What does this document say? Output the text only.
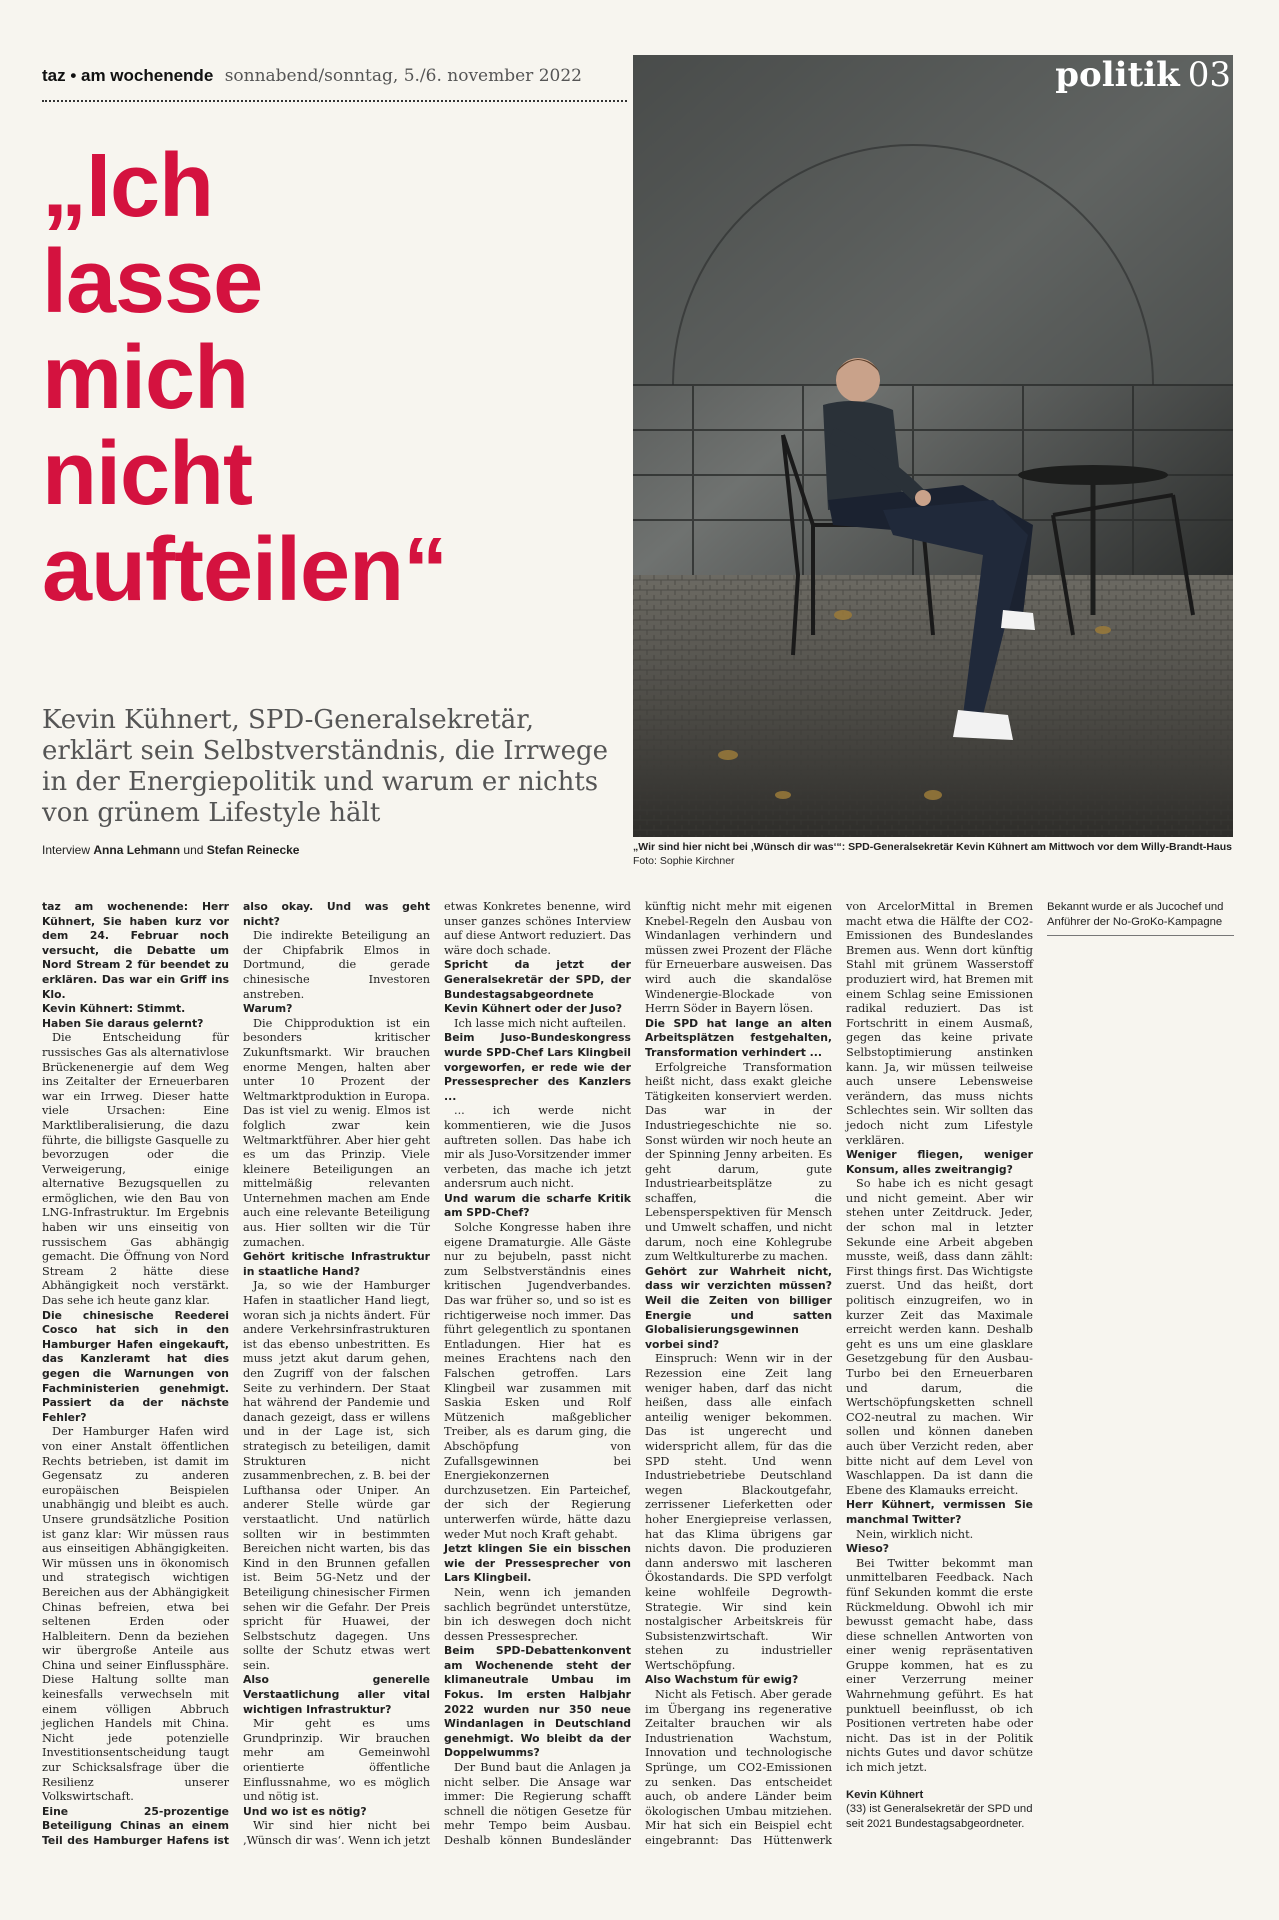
taz • am wochenende sonnabend/sonntag, 5./6. november 2022
„Ich
lasse
mich
nicht
aufteilen“
Kevin Kühnert, SPD-Generalsekretär, erklärt sein Selbstverständnis, die Irrwege in der Energiepolitik und warum er nichts von grünem Lifestyle hält
Interview Anna Lehmann und Stefan Reinecke
politik 03
„Wir sind hier nicht bei ‚Wünsch dir was‘“: SPD-Generalsekretär Kevin Kühnert am Mittwoch vor dem Willy-Brandt-Haus Foto: Sophie Kirchner

taz am wochenende: Herr Kühnert, Sie haben kurz vor dem 24. Februar noch versucht, die Debatte um Nord Stream 2 für beendet zu erklären. Das war ein Griff ins Klo.

Kevin Kühnert: Stimmt.

Haben Sie daraus gelernt?

Die Entscheidung für russisches Gas als alternativlose Brückenenergie auf dem Weg ins Zeitalter der Erneuerbaren war ein Irrweg. Dieser hatte viele Ursachen: Eine Marktliberalisierung, die dazu führte, die billigste Gasquelle zu bevorzugen oder die Verweigerung, einige alternative Bezugsquellen zu ermöglichen, wie den Bau von LNG-Infrastruktur. Im Ergebnis haben wir uns einseitig von russischem Gas abhängig gemacht. Die Öffnung von Nord Stream 2 hätte diese Abhängigkeit noch verstärkt. Das sehe ich heute ganz klar.

Die chinesische Reederei Cosco hat sich in den Hamburger Hafen eingekauft, das Kanzleramt hat dies gegen die Warnungen von Fachministerien genehmigt. Passiert da der nächste Fehler?

Der Hamburger Hafen wird von einer Anstalt öffentlichen Rechts betrieben, ist damit im Gegensatz zu anderen europäischen Beispielen unabhängig und bleibt es auch. Unsere grundsätzliche Position ist ganz klar: Wir müssen raus aus einseitigen Abhängigkeiten. Wir müssen uns in ökonomisch und strategisch wichtigen Bereichen aus der Abhängigkeit Chinas befreien, etwa bei seltenen Erden oder Halbleitern. Denn da beziehen wir übergroße Anteile aus China und seiner Einflussphäre. Diese Haltung sollte man keinesfalls verwechseln mit einem völligen Abbruch jeglichen Handels mit China. Nicht jede potenzielle Investitionsentscheidung taugt zur Schicksalsfrage über die Resilienz unserer Volkswirtschaft.

Eine 25-prozentige Beteiligung Chinas an einem Teil des Hamburger Hafens ist also okay. Und was geht nicht?

Die indirekte Beteiligung an der Chipfabrik Elmos in Dortmund, die gerade chinesische Investoren anstreben.

Warum?

Die Chipproduktion ist ein besonders kritischer Zukunftsmarkt. Wir brauchen enorme Mengen, halten aber unter 10 Prozent der Weltmarktproduktion in Europa. Das ist viel zu wenig. Elmos ist folglich zwar kein Weltmarktführer. Aber hier geht es um das Prinzip. Viele kleinere Beteiligungen an mittelmäßig relevanten Unternehmen machen am Ende auch eine relevante Beteiligung aus. Hier sollten wir die Tür zumachen.

Gehört kritische Infrastruktur in staatliche Hand?

Ja, so wie der Hamburger Hafen in staatlicher Hand liegt, woran sich ja nichts ändert. Für andere Verkehrsinfrastrukturen ist das ebenso unbestritten. Es muss jetzt akut darum gehen, den Zugriff von der falschen Seite zu verhindern. Der Staat hat während der Pandemie und danach gezeigt, dass er willens und in der Lage ist, sich strategisch zu beteiligen, damit Strukturen nicht zusammenbrechen, z. B. bei der Lufthansa oder Uniper. An anderer Stelle würde gar verstaatlicht. Und natürlich sollten wir in bestimmten Bereichen nicht warten, bis das Kind in den Brunnen gefallen ist. Beim 5G-Netz und der Beteiligung chinesischer Firmen sehen wir die Gefahr. Der Preis spricht für Huawei, der Selbstschutz dagegen. Uns sollte der Schutz etwas wert sein.

Also generelle Verstaatlichung aller vital wichtigen Infrastruktur?

Mir geht es ums Grundprinzip. Wir brauchen mehr am Gemeinwohl orientierte öffentliche Einflussnahme, wo es möglich und nötig ist.

Und wo ist es nötig?

Wir sind hier nicht bei ‚Wünsch dir was‘. Wenn ich jetzt etwas Konkretes benenne, wird unser ganzes schönes Interview auf diese Antwort reduziert. Das wäre doch schade.

Spricht da jetzt der Generalsekretär der SPD, der Bundestagsabgeordnete Kevin Kühnert oder der Juso?

Ich lasse mich nicht aufteilen.

Beim Juso-Bundeskongress wurde SPD-Chef Lars Klingbeil vorgeworfen, er rede wie der Pressesprecher des Kanzlers ...

... ich werde nicht kommentieren, wie die Jusos auftreten sollen. Das habe ich mir als Juso-Vorsitzender immer verbeten, das mache ich jetzt andersrum auch nicht.

Und warum die scharfe Kritik am SPD-Chef?

Solche Kongresse haben ihre eigene Dramaturgie. Alle Gäste nur zu bejubeln, passt nicht zum Selbstverständnis eines kritischen Jugendverbandes. Das war früher so, und so ist es richtigerweise noch immer. Das führt gelegentlich zu spontanen Entladungen. Hier hat es meines Erachtens nach den Falschen getroffen. Lars Klingbeil war zusammen mit Saskia Esken und Rolf Mützenich maßgeblicher Treiber, als es darum ging, die Abschöpfung von Zufallsgewinnen bei Energiekonzernen durchzusetzen. Ein Parteichef, der sich der Regierung unterwerfen würde, hätte dazu weder Mut noch Kraft gehabt.

Jetzt klingen Sie ein bisschen wie der Pressesprecher von Lars Klingbeil.

Nein, wenn ich jemanden sachlich begründet unterstütze, bin ich deswegen doch nicht dessen Pressesprecher.

Beim SPD-Debattenkonvent am Wochenende steht der klimaneutrale Umbau im Fokus. Im ersten Halbjahr 2022 wurden nur 350 neue Windanlagen in Deutschland genehmigt. Wo bleibt da der Doppelwumms?

Der Bund baut die Anlagen ja nicht selber. Die Ansage war immer: Die Regierung schafft schnell die nötigen Gesetze für mehr Tempo beim Ausbau. Deshalb können Bundesländer künftig nicht mehr mit eigenen Knebel-Regeln den Ausbau von Windanlagen verhindern und müssen zwei Prozent der Fläche für Erneuerbare ausweisen. Das wird auch die skandalöse Windenergie-Blockade von Herrn Söder in Bayern lösen.

Die SPD hat lange an alten Arbeitsplätzen festgehalten, Transformation verhindert ...

Erfolgreiche Transformation heißt nicht, dass exakt gleiche Tätigkeiten konserviert werden. Das war in der Industriegeschichte nie so. Sonst würden wir noch heute an der Spinning Jenny arbeiten. Es geht darum, gute Industriearbeitsplätze zu schaffen, die Lebensperspektiven für Mensch und Umwelt schaffen, und nicht darum, noch eine Kohlegrube zum Weltkulturerbe zu machen.

Gehört zur Wahrheit nicht, dass wir verzichten müssen? Weil die Zeiten von billiger Energie und satten Globalisierungsgewinnen vorbei sind?

Einspruch: Wenn wir in der Rezession eine Zeit lang weniger haben, darf das nicht heißen, dass alle einfach anteilig weniger bekommen. Das ist ungerecht und widerspricht allem, für das die SPD steht. Und wenn Industriebetriebe Deutschland wegen Blackoutgefahr, zerrissener Lieferketten oder hoher Energiepreise verlassen, hat das Klima übrigens gar nichts davon. Die produzieren dann anderswo mit lascheren Ökostandards. Die SPD verfolgt keine wohlfeile Degrowth-Strategie. Wir sind kein nostalgischer Arbeitskreis für Subsistenzwirtschaft. Wir stehen zu industrieller Wertschöpfung.

Also Wachstum für ewig?

Nicht als Fetisch. Aber gerade im Übergang ins regenerative Zeitalter brauchen wir als Industrienation Wachstum, Innovation und technologische Sprünge, um CO2-Emissionen zu senken. Das entscheidet auch, ob andere Länder beim ökologischen Umbau mitziehen. Mir hat sich ein Beispiel echt eingebrannt: Das Hüttenwerk von ArcelorMittal in Bremen macht etwa die Hälfte der CO2-Emissionen des Bundeslandes Bremen aus. Wenn dort künftig Stahl mit grünem Wasserstoff produziert wird, hat Bremen mit einem Schlag seine Emissionen radikal reduziert. Das ist Fortschritt in einem Ausmaß, gegen das keine private Selbstoptimierung anstinken kann. Ja, wir müssen teilweise auch unsere Lebensweise verändern, das muss nichts Schlechtes sein. Wir sollten das jedoch nicht zum Lifestyle verklären.

Weniger fliegen, weniger Konsum, alles zweitrangig?

So habe ich es nicht gesagt und nicht gemeint. Aber wir stehen unter Zeitdruck. Jeder, der schon mal in letzter Sekunde eine Arbeit abgeben musste, weiß, dass dann zählt: First things first. Das Wichtigste zuerst. Und das heißt, dort politisch einzugreifen, wo in kurzer Zeit das Maximale erreicht werden kann. Deshalb geht es uns um eine glasklare Gesetzgebung für den Ausbau-Turbo bei den Erneuerbaren und darum, die Wertschöpfungsketten schnell CO2-neutral zu machen. Wir sollen und können daneben auch über Verzicht reden, aber bitte nicht auf dem Level von Waschlappen. Da ist dann die Ebene des Klamauks erreicht.

Herr Kühnert, vermissen Sie manchmal Twitter?

Nein, wirklich nicht.

Wieso?

Bei Twitter bekommt man unmittelbaren Feedback. Nach fünf Sekunden kommt die erste Rückmeldung. Obwohl ich mir bewusst gemacht habe, dass diese schnellen Antworten von einer wenig repräsentativen Gruppe kommen, hat es zu einer Verzerrung meiner Wahrnehmung geführt. Es hat punktuell beeinflusst, ob ich Positionen vertreten habe oder nicht. Das ist in der Politik nichts Gutes und davor schütze ich mich jetzt.

Kevin Kühnert

(33) ist Generalsekretär der SPD und seit 2021 Bundestagsabgeordneter. Bekannt wurde er als Jucochef und Anführer der No-GroKo-Kampagne
